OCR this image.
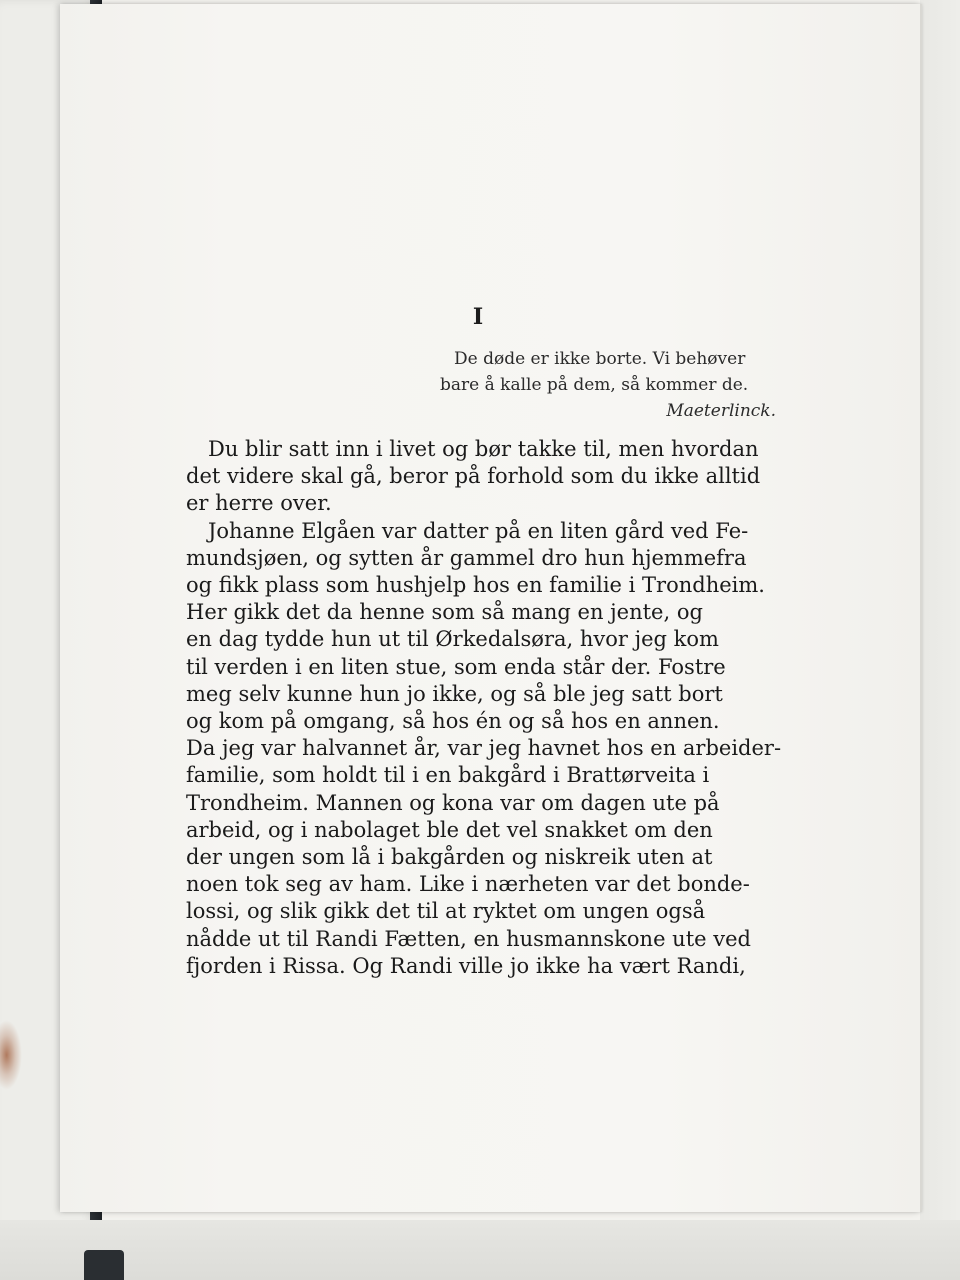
I
De døde er ikke borte. Vi behøver
bare å kalle på dem, så kommer de.
Maeterlinck.
Du blir satt inn i livet og bør takke til, men hvordan
det videre skal gå, beror på forhold som du ikke alltid
er herre over.
Johanne Elgåen var datter på en liten gård ved Fe-
mundsjøen, og sytten år gammel dro hun hjemmefra
og fikk plass som hushjelp hos en familie i Trondheim.
Her gikk det da henne som så mang en jente, og
en dag tydde hun ut til Ørkedalsøra, hvor jeg kom
til verden i en liten stue, som enda står der. Fostre
meg selv kunne hun jo ikke, og så ble jeg satt bort
og kom på omgang, så hos én og så hos en annen.
Da jeg var halvannet år, var jeg havnet hos en arbeider-
familie, som holdt til i en bakgård i Brattørveita i
Trondheim. Mannen og kona var om dagen ute på
arbeid, og i nabolaget ble det vel snakket om den
der ungen som lå i bakgården og niskreik uten at
noen tok seg av ham. Like i nærheten var det bonde-
lossi, og slik gikk det til at ryktet om ungen også
nådde ut til Randi Fætten, en husmannskone ute ved
fjorden i Rissa. Og Randi ville jo ikke ha vært Randi,
